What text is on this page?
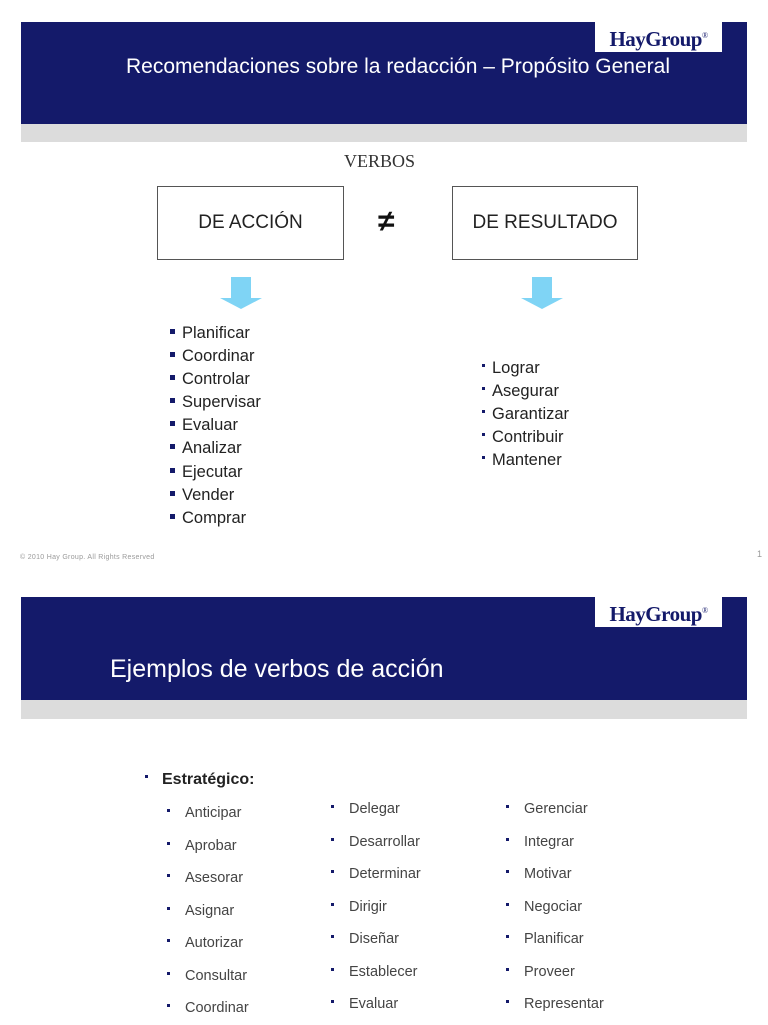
HayGroup®
Recomendaciones sobre la redacción – Propósito General
VERBOS
DE ACCIÓN	≠	DE RESULTADO
Planificar
Coordinar
Controlar
Supervisar
Evaluar
Analizar
Ejecutar
Vender
Comprar
Lograr
Asegurar
Garantizar
Contribuir
Mantener
© 2010 Hay Group. All Rights Reserved	1
HayGroup®
Ejemplos de verbos de acción
Estratégico:
Anticipar
Aprobar
Asesorar
Asignar
Autorizar
Consultar
Coordinar
Delegar
Desarrollar
Determinar
Dirigir
Diseñar
Establecer
Evaluar
Gerenciar
Integrar
Motivar
Negociar
Planificar
Proveer
Representar
